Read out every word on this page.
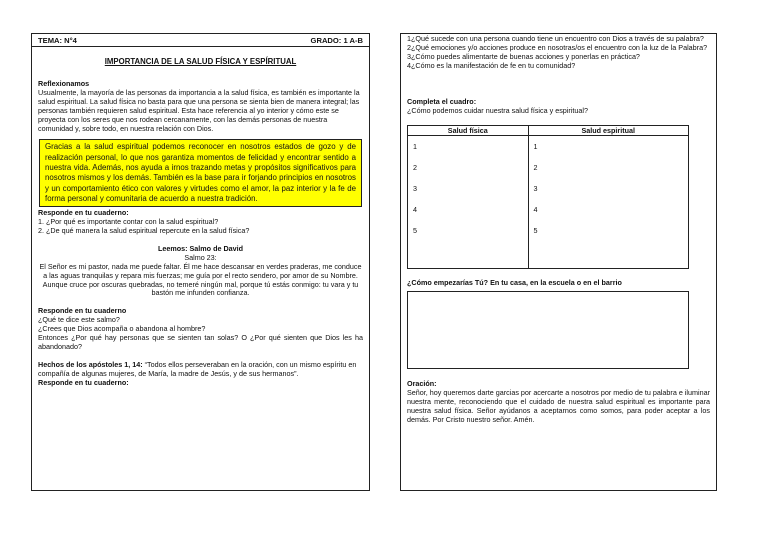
TEMA: N°4	GRADO: 1 A-B
IMPORTANCIA DE LA SALUD FÍSICA Y ESPÍRITUAL

Reflexionamos

Usualmente, la mayoría de las personas da importancia a la salud física, es también es importante la salud espiritual. La salud física no basta para que una persona se sienta bien de manera integral; las personas también requieren salud espiritual. Esta hace referencia al yo interior y cómo este se proyecta con los seres que nos rodean cercanamente, con las demás personas de nuestra comunidad y, sobre todo, en nuestra relación con Dios.

Gracias a la salud espiritual podemos reconocer en nosotros estados de gozo y de realización personal, lo que nos garantiza momentos de felicidad y encontrar sentido a nuestra vida. Además, nos ayuda a irnos trazando metas y propósitos significativos para nosotros mismos y los demás. También es la base para ir forjando principios en nosotros y un comportamiento ético con valores y virtudes como el amor, la paz interior y la fe de forma personal y comunitaria de acuerdo a nuestra tradición.

Responde en tu cuaderno:

1. ¿Por qué es importante contar con la salud espiritual?
2. ¿De qué manera la salud espiritual repercute en la salud física?

Leemos: Salmo de David

Salmo 23:

El Señor es mi pastor, nada me puede faltar. Él me hace descansar en verdes praderas, me conduce a las aguas tranquilas y repara mis fuerzas; me guía por el recto sendero, por amor de su Nombre. Aunque cruce por oscuras quebradas, no temeré ningún mal, porque tú estás conmigo: tu vara y tu bastón me infunden confianza.

Responde en tu cuaderno

¿Qué te dice este salmo?
¿Crees que Dios acompaña o abandona al hombre?
Entonces ¿Por qué hay personas que se sienten tan solas? O ¿Por qué sienten que Dios les ha abandonado?

Hechos de los apóstoles 1, 14: “Todos ellos perseveraban en la oración, con un mismo espíritu en compañía de algunas mujeres, de María, la madre de Jesús, y de sus hermanos”.

Responde en tu cuaderno:

1¿Qué sucede con una persona cuando tiene un encuentro con Dios a través de su palabra?
2¿Qué emociones y/o acciones produce en nosotras/os el encuentro con la luz de la Palabra?
3¿Cómo puedes alimentarte de buenas acciones y ponerlas en práctica?
4¿Cómo es la manifestación de fe en tu comunidad?

Completa el cuadro:

¿Cómo podemos cuidar nuestra salud física y espiritual?

Salud física	Salud espiritual
1	1
2	2
3	3
4	4
5	5

¿Cómo empezarías Tú? En tu casa, en la escuela o en el barrio

Oración:

Señor, hoy queremos darte garcias por acercarte a nosotros por medio de tu palabra e iluminar nuestra mente, reconociendo que el cuidado de nuestra salud espiritual es importante para nuestra salud física. Señor ayúdanos a aceptarnos como somos, para poder aceptar a los demás. Por Cristo nuestro señor. Amén.
